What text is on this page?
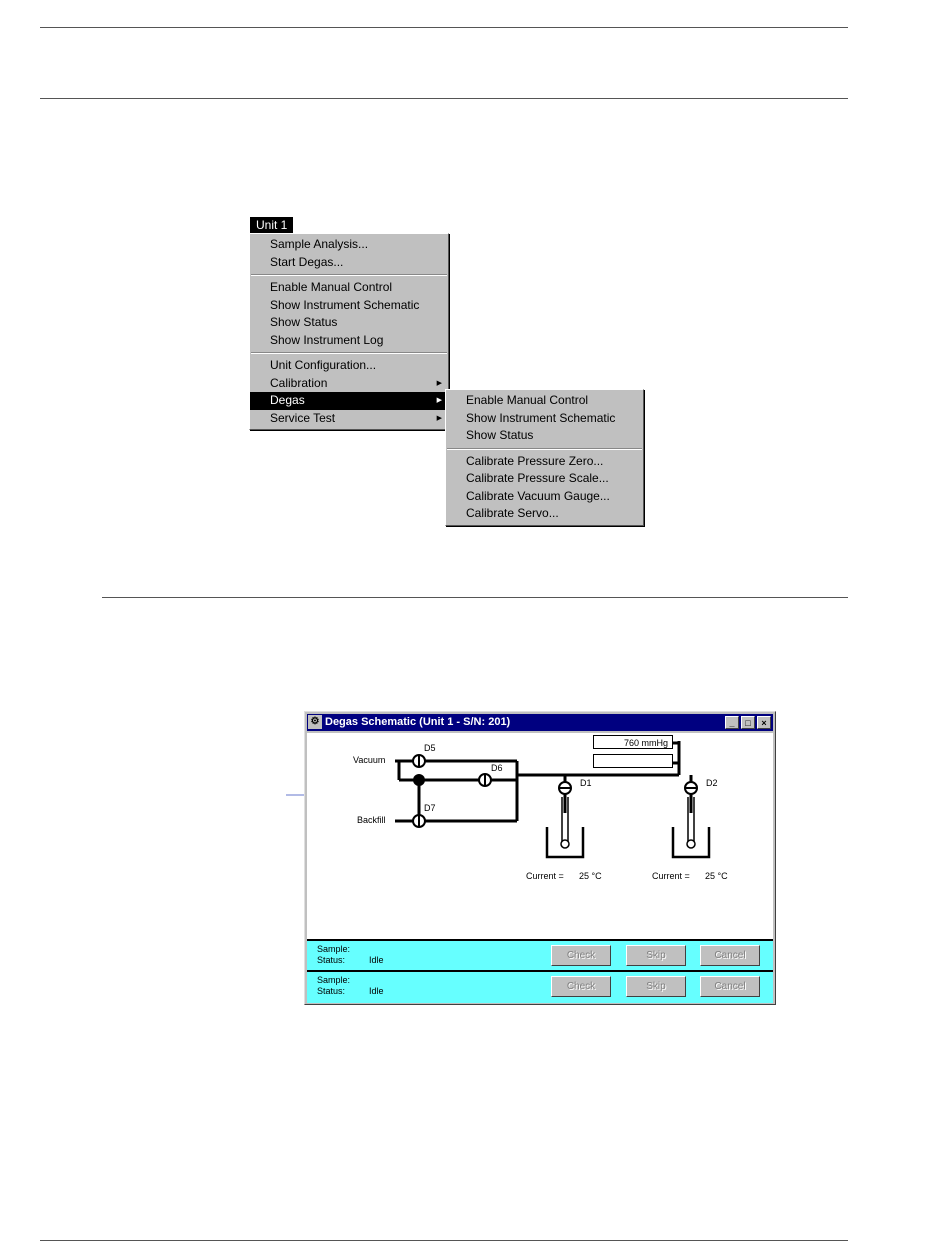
Unit 1
Sample Analysis...
Start Degas...
Enable Manual Control
Show Instrument Schematic
Show Status
Show Instrument Log
Unit Configuration...
Calibration	▶
Degas	▶
Service Test	▶
Enable Manual Control
Show Instrument Schematic
Show Status
Calibrate Pressure Zero...
Calibrate Pressure Scale...
Calibrate Vacuum Gauge...
Calibrate Servo...
⚙ Degas Schematic (Unit 1 - S/N: 201)	_	□	×
760 mmHg
Vacuum
Backfill
D5
D6
D7
D1	D2
Current = 25 °C	Current = 25 °C
Sample:
Status:	Idle	Check	Skip	Cancel
Sample:
Status:	Idle	Check	Skip	Cancel
